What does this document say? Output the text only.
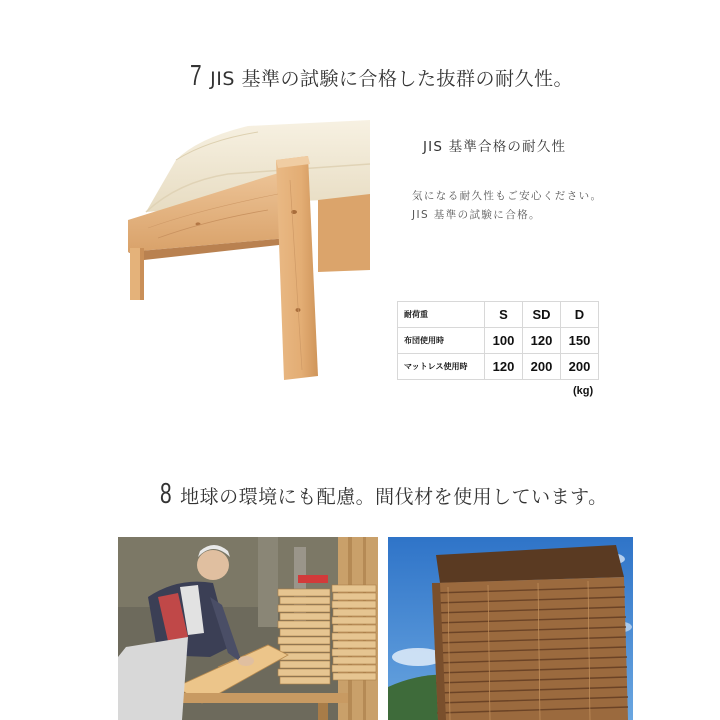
7 JIS 基準の試験に合格した抜群の耐久性。
JIS 基準合格の耐久性
気になる耐久性もご安心ください。
JIS 基準の試験に合格。
耐荷重	S	SD	D
布団使用時	100	120	150
マットレス使用時	120	200	200
(kg)
8 地球の環境にも配慮。間伐材を使用しています。
